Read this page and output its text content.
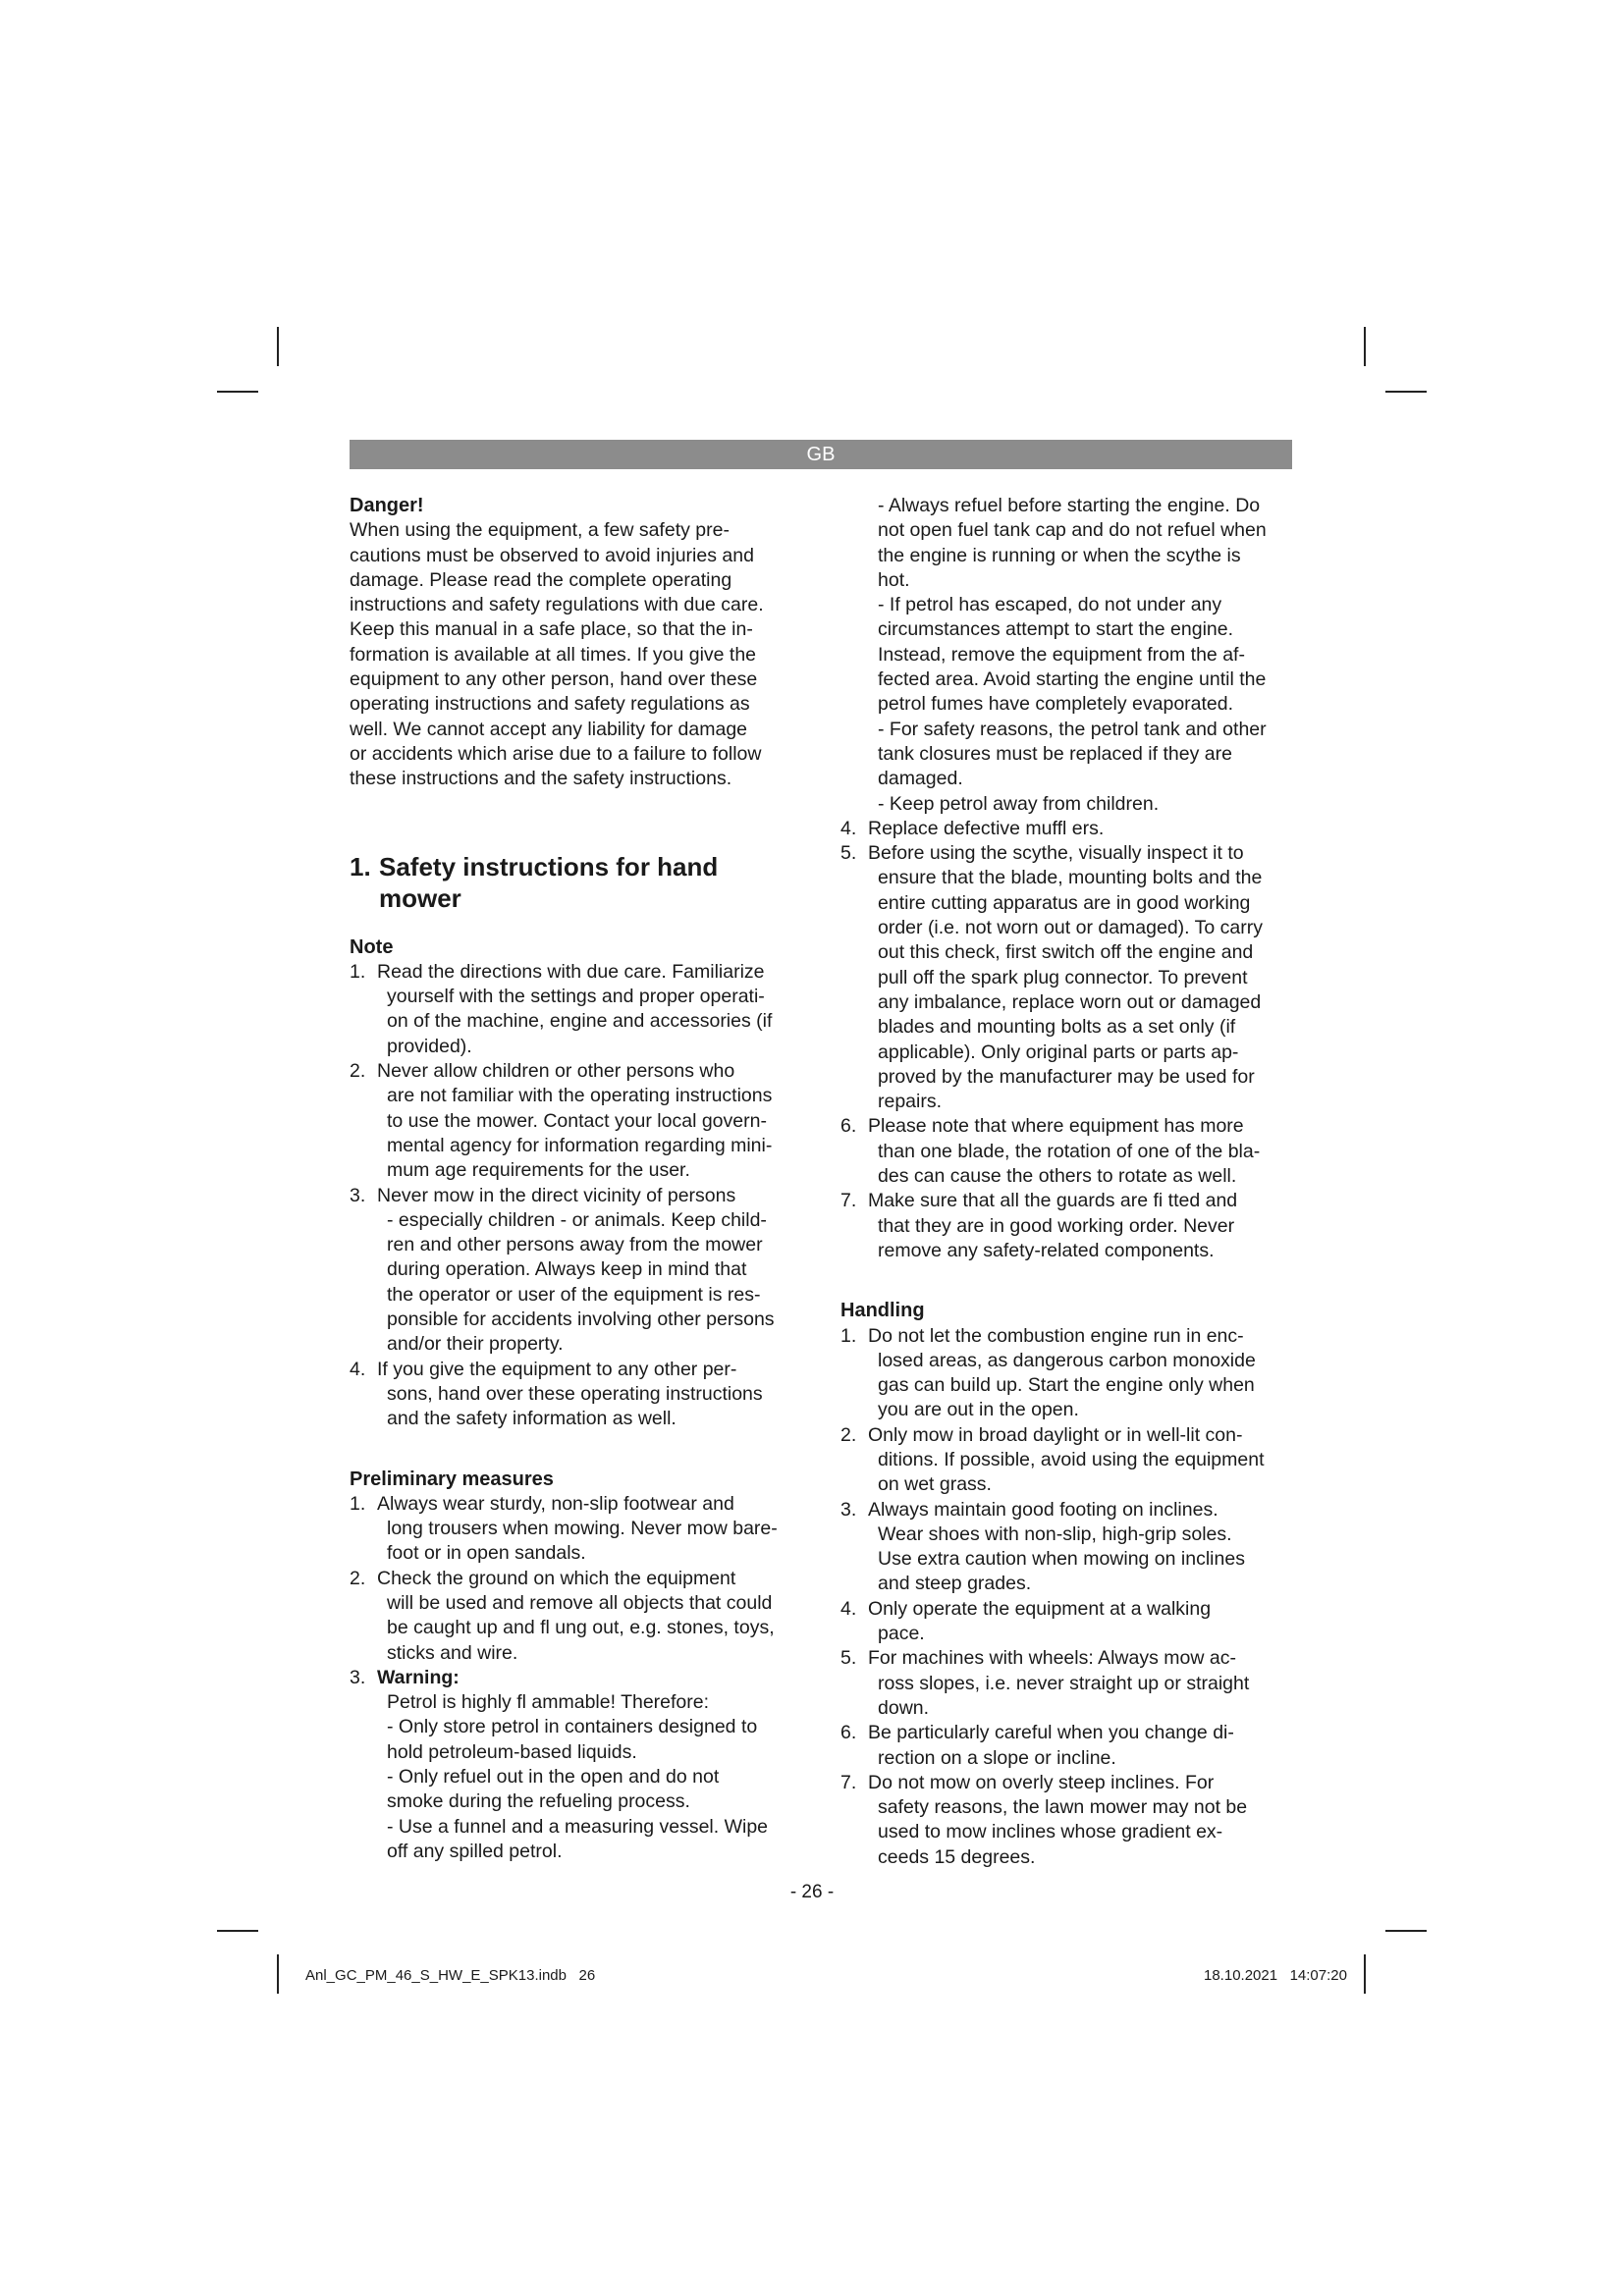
GB

Danger!

When using the equipment, a few safety pre-
cautions must be observed to avoid injuries and
damage. Please read the complete operating
instructions and safety regulations with due care.
Keep this manual in a safe place, so that the in-
formation is available at all times. If you give the
equipment to any other person, hand over these
operating instructions and safety regulations as
well. We cannot accept any liability for damage
or accidents which arise due to a failure to follow
these instructions and the safety instructions.
1. Safety instructions for hand
mower

Note

1. Read the directions with due care. Familiarize
yourself with the settings and proper operati-
on of the machine, engine and accessories (if
provided).
2. Never allow children or other persons who
are not familiar with the operating instructions
to use the mower. Contact your local govern-
mental agency for information regarding mini-
mum age requirements for the user.
3. Never mow in the direct vicinity of persons
- especially children - or animals. Keep child-
ren and other persons away from the mower
during operation. Always keep in mind that
the operator or user of the equipment is res-
ponsible for accidents involving other persons
and/or their property.
4. If you give the equipment to any other per-
sons, hand over these operating instructions
and the safety information as well.

Preliminary measures

1. Always wear sturdy, non-slip footwear and
long trousers when mowing. Never mow bare-
foot or in open sandals.
2. Check the ground on which the equipment
will be used and remove all objects that could
be caught up and fl ung out, e.g. stones, toys,
sticks and wire.
3. Warning:
Petrol is highly fl ammable! Therefore:
- Only store petrol in containers designed to
hold petroleum-based liquids.
- Only refuel out in the open and do not
smoke during the refueling process.
- Use a funnel and a measuring vessel. Wipe
off any spilled petrol.
- Always refuel before starting the engine. Do
not open fuel tank cap and do not refuel when
the engine is running or when the scythe is
hot.
- If petrol has escaped, do not under any
circumstances attempt to start the engine.
Instead, remove the equipment from the af-
fected area. Avoid starting the engine until the
petrol fumes have completely evaporated.
- For safety reasons, the petrol tank and other
tank closures must be replaced if they are
damaged.
- Keep petrol away from children.
4. Replace defective muffl ers.
5. Before using the scythe, visually inspect it to
ensure that the blade, mounting bolts and the
entire cutting apparatus are in good working
order (i.e. not worn out or damaged). To carry
out this check, first switch off the engine and
pull off the spark plug connector. To prevent
any imbalance, replace worn out or damaged
blades and mounting bolts as a set only (if
applicable). Only original parts or parts ap-
proved by the manufacturer may be used for
repairs.
6. Please note that where equipment has more
than one blade, the rotation of one of the bla-
des can cause the others to rotate as well.
7. Make sure that all the guards are fi tted and
that they are in good working order. Never
remove any safety-related components.

Handling

1. Do not let the combustion engine run in enc-
losed areas, as dangerous carbon monoxide
gas can build up. Start the engine only when
you are out in the open.
2. Only mow in broad daylight or in well-lit con-
ditions. If possible, avoid using the equipment
on wet grass.
3. Always maintain good footing on inclines.
Wear shoes with non-slip, high-grip soles.
Use extra caution when mowing on inclines
and steep grades.
4. Only operate the equipment at a walking
pace.
5. For machines with wheels: Always mow ac-
ross slopes, i.e. never straight up or straight
down.
6. Be particularly careful when you change di-
rection on a slope or incline.
7. Do not mow on overly steep inclines. For
safety reasons, the lawn mower may not be
used to mow inclines whose gradient ex-
ceeds 15 degrees.
- 26 -
Anl_GC_PM_46_S_HW_E_SPK13.indb   26	18.10.2021   14:07:20
